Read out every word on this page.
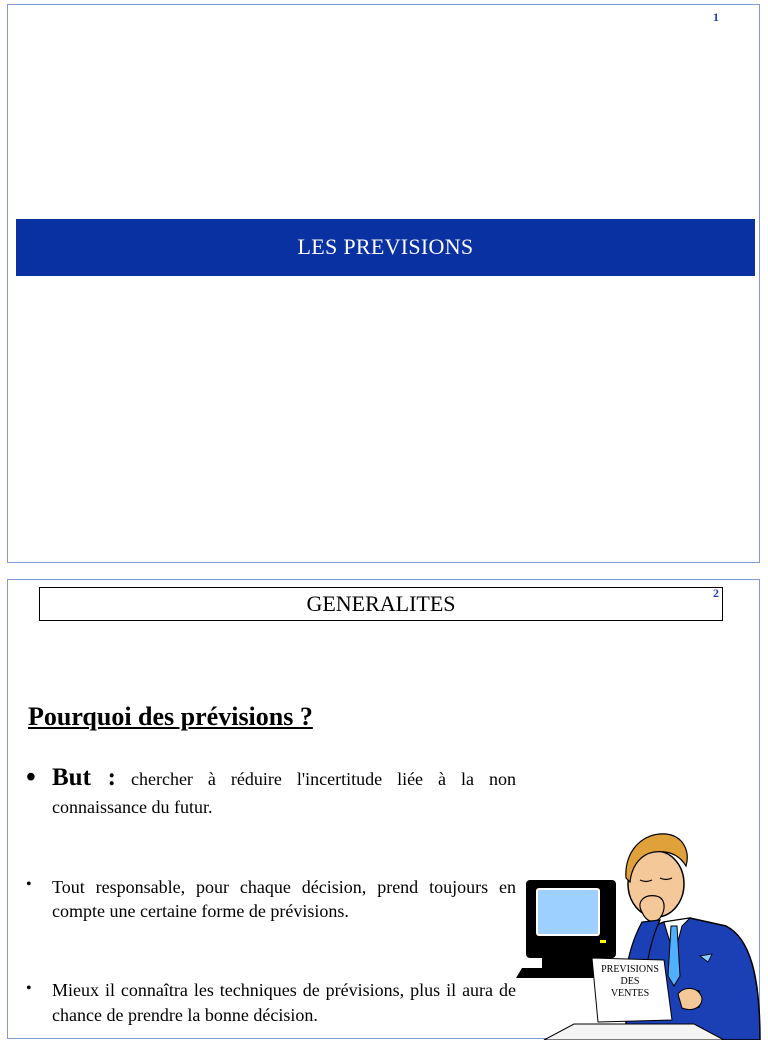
1
LES PREVISIONS
2
GENERALITES
Pourquoi des prévisions ?
• But : chercher à réduire l'incertitude liée à la non connaissance du futur.
•	Tout responsable, pour chaque décision, prend toujours en compte une certaine forme de prévisions.
•	Mieux il connaîtra les techniques de prévisions, plus il aura de chance de prendre la bonne décision.
PREVISIONS
DES
VENTES
